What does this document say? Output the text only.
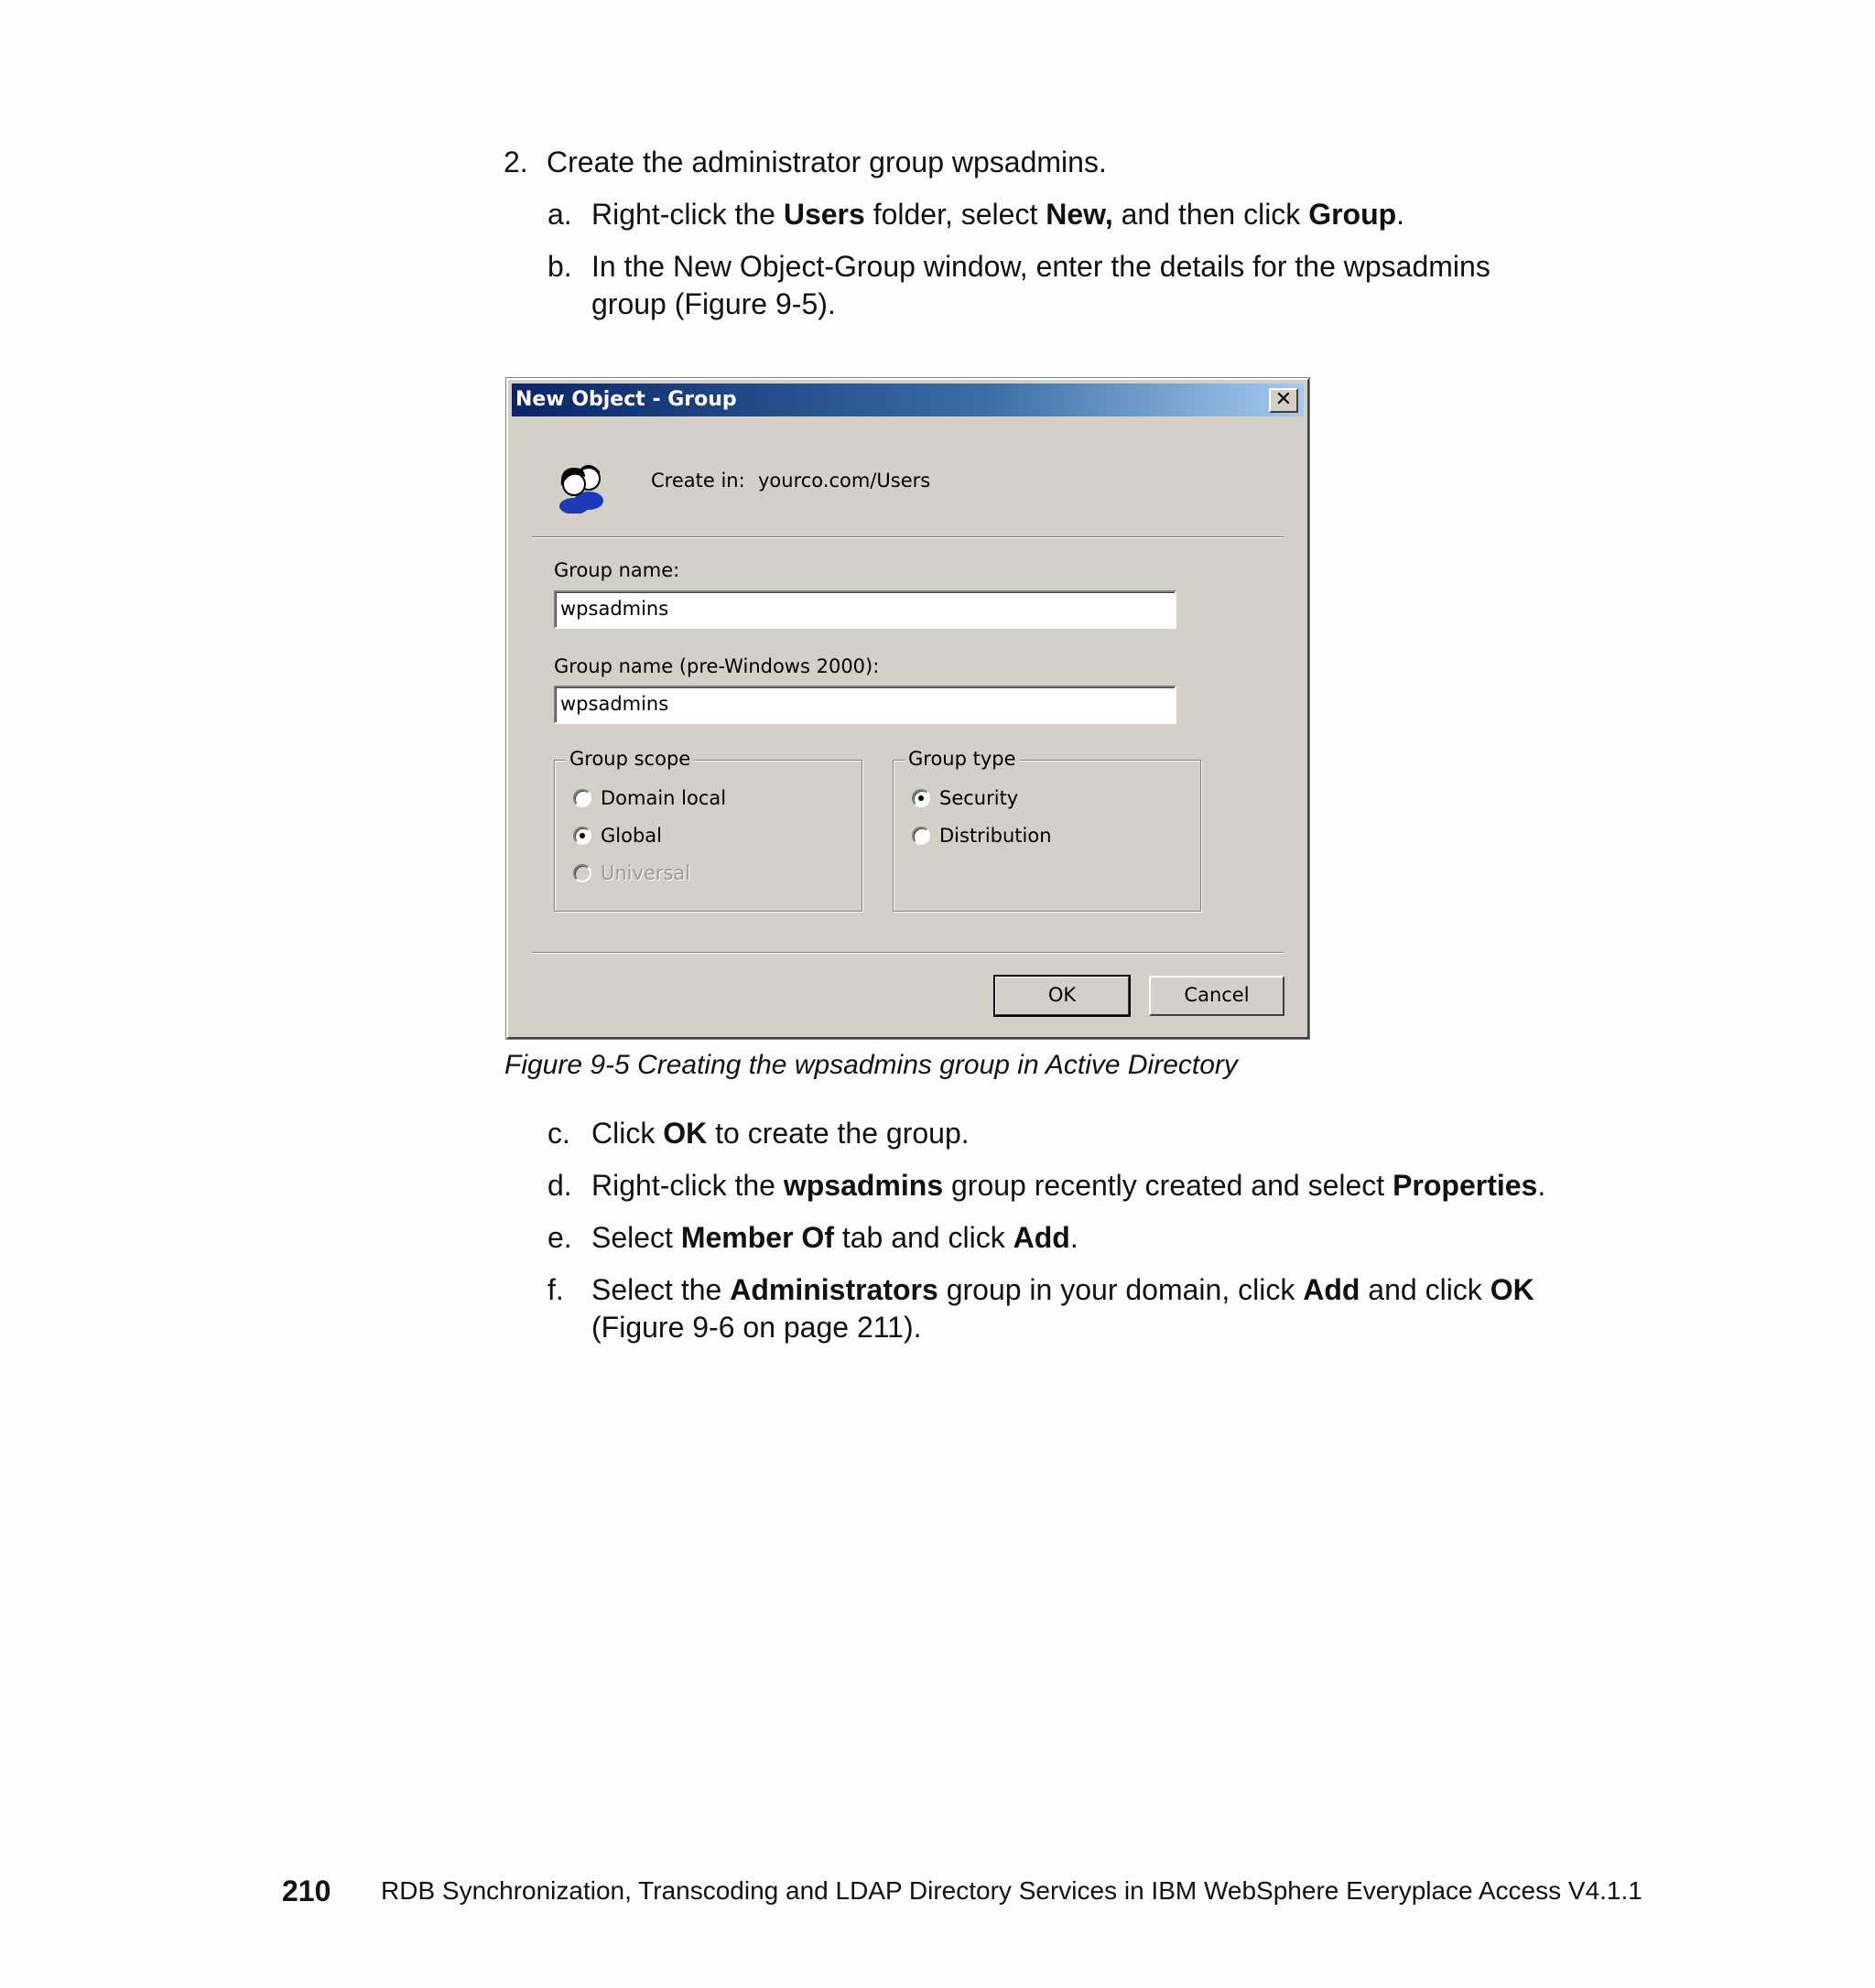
2. Create the administrator group wpsadmins.
a. Right-click the Users folder, select New, and then click Group.
b. In the New Object-Group window, enter the details for the wpsadmins
group (Figure 9-5).
New Object - Group	✕
Create in: yourco.com/Users
Group name:
wpsadmins
Group name (pre-Windows 2000):
wpsadmins
Group scope
Domain local
Global
Universal
Group type
Security
Distribution
OK	Cancel
Figure 9-5 Creating the wpsadmins group in Active Directory
c. Click OK to create the group.
d. Right-click the wpsadmins group recently created and select Properties.
e. Select Member Of tab and click Add.
f. Select the Administrators group in your domain, click Add and click OK
(Figure 9-6 on page 211).
210 RDB Synchronization, Transcoding and LDAP Directory Services in IBM WebSphere Everyplace Access V4.1.1
